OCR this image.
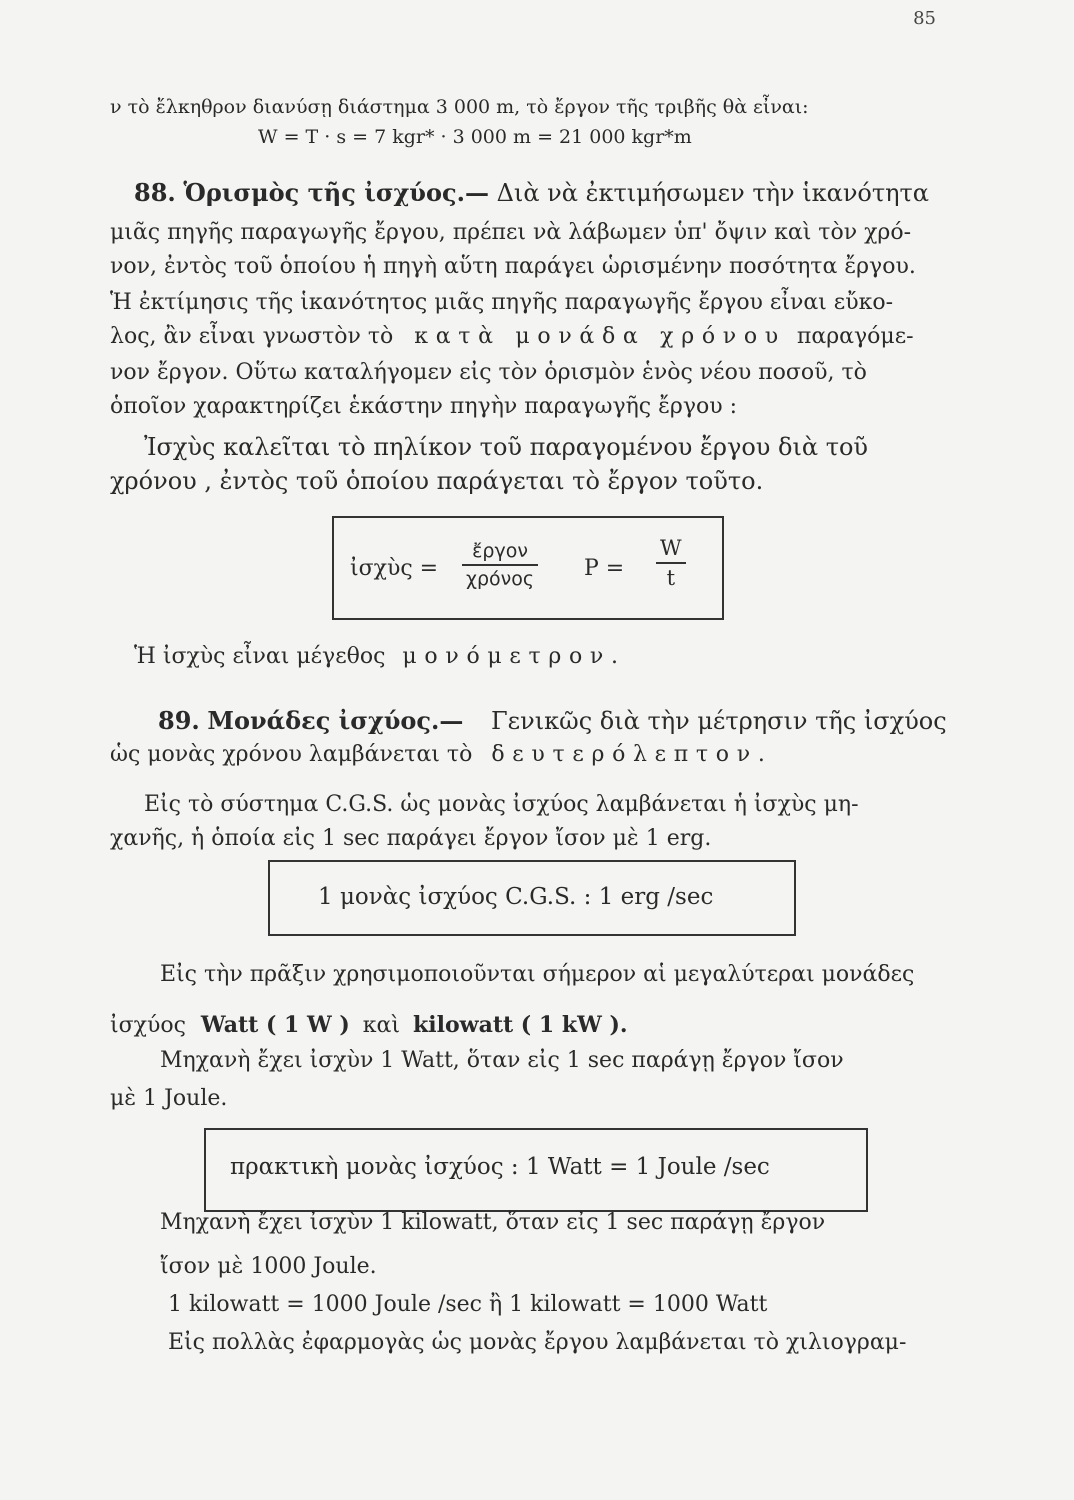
85
ν τὸ ἔλκηθρον διανύσῃ διάστημα 3 000 m, τὸ ἔργον τῆς τριβῆς θὰ εἶναι:
W = T · s = 7 kgr* · 3 000 m = 21 000 kgr*m
88. Ὁρισμὸς τῆς ἰσχύος.— Διὰ νὰ ἐκτιμήσωμεν τὴν ἱκανότητα
μιᾶς πηγῆς παραγωγῆς ἔργου, πρέπει νὰ λάβωμεν ὑπ' ὄψιν καὶ τὸν χρό-
νον, ἐντὸς τοῦ ὁποίου ἡ πηγὴ αὕτη παράγει ὡρισμένην ποσότητα ἔργου.
Ἡ ἐκτίμησις τῆς ἱκανότητος μιᾶς πηγῆς παραγωγῆς ἔργου εἶναι εὔκο-
λος, ἂν εἶναι γνωστὸν τὸ κατὰ μονάδα χρόνου παραγόμε-
νον ἔργον. Οὕτω καταλήγομεν εἰς τὸν ὁρισμὸν ἑνὸς νέου ποσοῦ, τὸ
ὁποῖον χαρακτηρίζει ἑκάστην πηγὴν παραγωγῆς ἔργου :
Ἰσχὺς καλεῖται τὸ πηλίκον τοῦ παραγομένου ἔργου διὰ τοῦ
χρόνου , ἐντὸς τοῦ ὁποίου παράγεται τὸ ἔργον τοῦτο.
ἰσχὺς =
ἔργον
χρόνος P =
W
t
Ἡ ἰσχὺς εἶναι μέγεθος μονόμετρον.
89. Μονάδες ἰσχύος.— Γενικῶς διὰ τὴν μέτρησιν τῆς ἰσχύος
ὡς μονὰς χρόνου λαμβάνεται τὸ δευτερόλεπτον.
Εἰς τὸ σύστημα C.G.S. ὡς μονὰς ἰσχύος λαμβάνεται ἡ ἰσχὺς μη-
χανῆς, ἡ ὁποία εἰς 1 sec παράγει ἔργον ἴσον μὲ 1 erg.
1 μονὰς ἰσχύος C.G.S. : 1 erg /sec
Εἰς τὴν πρᾶξιν χρησιμοποιοῦνται σήμερον αἱ μεγαλύτεραι μονάδες
ἰσχύος Watt ( 1 W ) καὶ kilowatt ( 1 kW ).
Μηχανὴ ἔχει ἰσχὺν 1 Watt, ὅταν εἰς 1 sec παράγῃ ἔργον ἴσον
μὲ 1 Joule.
πρακτικὴ μονὰς ἰσχύος : 1 Watt = 1 Joule /sec
Μηχανὴ ἔχει ἰσχὺν 1 kilowatt, ὅταν εἰς 1 sec παράγῃ ἔργον
ἴσον μὲ 1000 Joule.
1 kilowatt = 1000 Joule /sec ἢ 1 kilowatt = 1000 Watt
Εἰς πολλὰς ἐφαρμογὰς ὡς μονὰς ἔργου λαμβάνεται τὸ χιλιογραμ-
